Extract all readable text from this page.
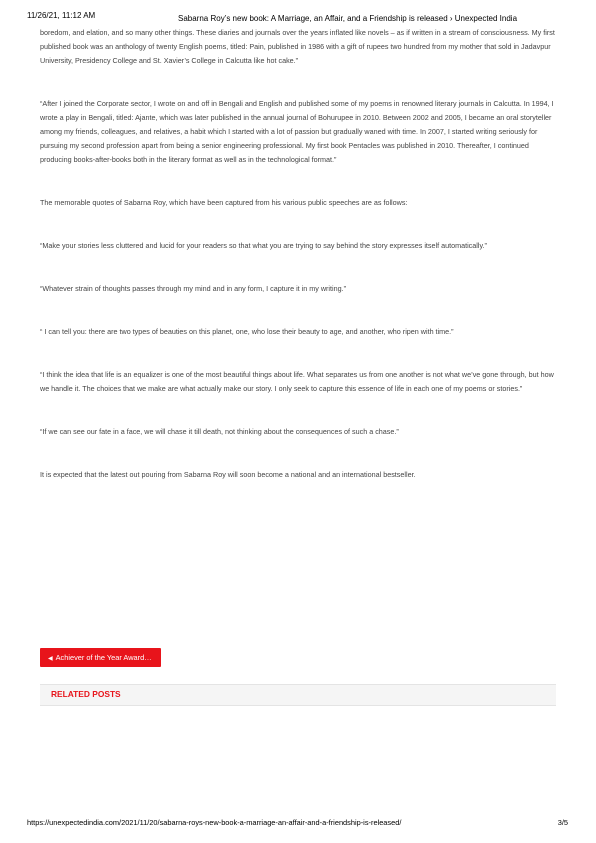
11/26/21, 11:12 AM	Sabarna Roy’s new book: A Marriage, an Affair, and a Friendship is released › Unexpected India

boredom, and elation, and so many other things. These diaries and journals over the years inflated like novels – as if written in a stream of consciousness. My first published book was an anthology of twenty English poems, titled: Pain, published in 1986 with a gift of rupees two hundred from my mother that sold in Jadavpur University, Presidency College and St. Xavier’s College in Calcutta like hot cake.”

“After I joined the Corporate sector, I wrote on and off in Bengali and English and published some of my poems in renowned literary journals in Calcutta. In 1994, I wrote a play in Bengali, titled: Ajante, which was later published in the annual journal of Bohurupee in 2010. Between 2002 and 2005, I became an oral storyteller among my friends, colleagues, and relatives, a habit which I started with a lot of passion but gradually waned with time. In 2007, I started writing seriously for pursuing my second profession apart from being a senior engineering professional. My first book Pentacles was published in 2010. Thereafter, I continued producing books-after-books both in the literary format as well as in the technological format.”

The memorable quotes of Sabarna Roy, which have been captured from his various public speeches are as follows:

“Make your stories less cluttered and lucid for your readers so that what you are trying to say behind the story expresses itself automatically.”

“Whatever strain of thoughts passes through my mind and in any form, I capture it in my writing.”

“ I can tell you: there are two types of beauties on this planet, one, who lose their beauty to age, and another, who ripen with time.”

“I think the idea that life is an equalizer is one of the most beautiful things about life. What separates us from one another is not what we’ve gone through, but how we handle it. The choices that we make are what actually make our story. I only seek to capture this essence of life in each one of my poems or stories.”

“If we can see our fate in a face, we will chase it till death, not thinking about the consequences of such a chase.”

It is expected that the latest out pouring from Sabarna Roy will soon become a national and an international bestseller.

◀ Achiever of the Year Award…
RELATED POSTS
https://unexpectedindia.com/2021/11/20/sabarna-roys-new-book-a-marriage-an-affair-and-a-friendship-is-released/	3/5
